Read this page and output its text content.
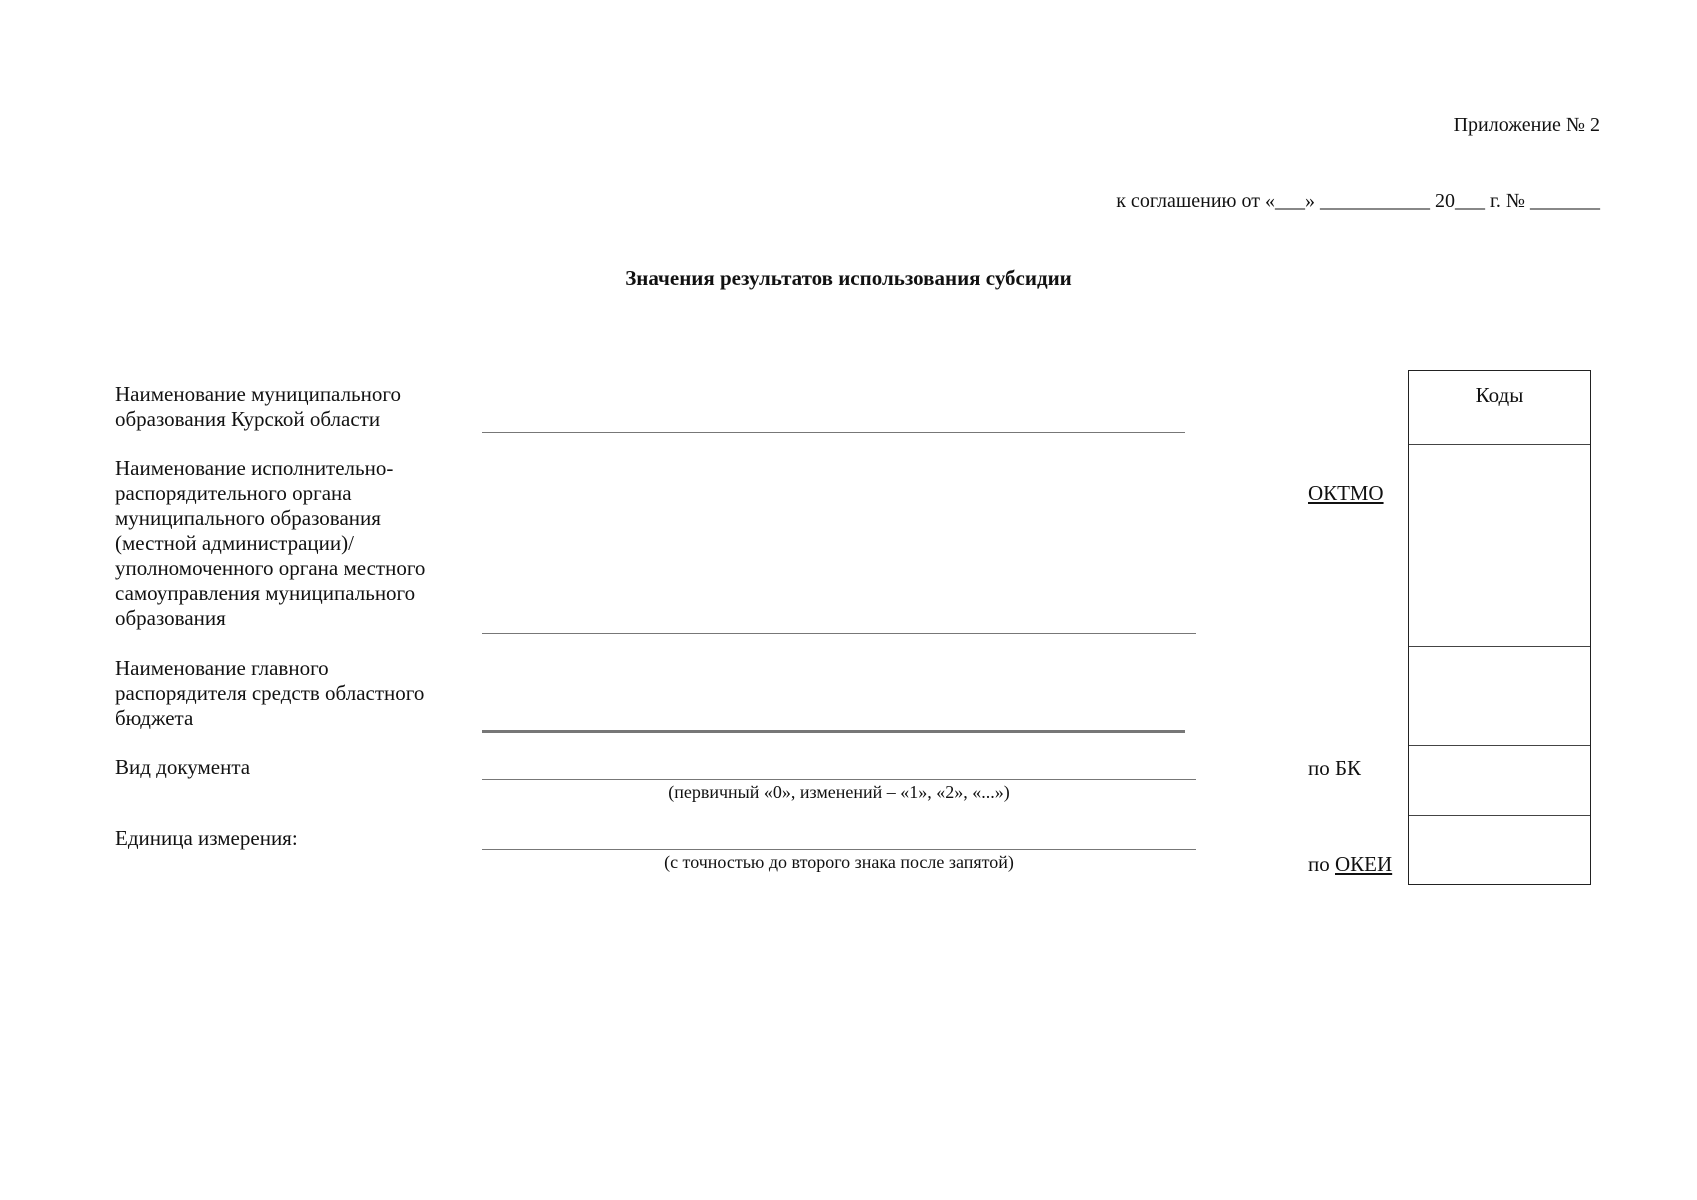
Приложение № 2
к соглашению от «___» ___________ 20___ г. № _______
Значения результатов использования субсидии
Наименование муниципального
образования Курской области
Наименование исполнительно-
распорядительного органа
муниципального образования
(местной администрации)/
уполномоченного органа местного
самоуправления муниципального
образования
Наименование главного
распорядителя средств областного
бюджета
Вид документа
(первичный «0», изменений – «1», «2», «...»)
Единица измерения:
(с точностью до второго знака после запятой)
ОКТМО
по БК
по ОКЕИ
Коды
